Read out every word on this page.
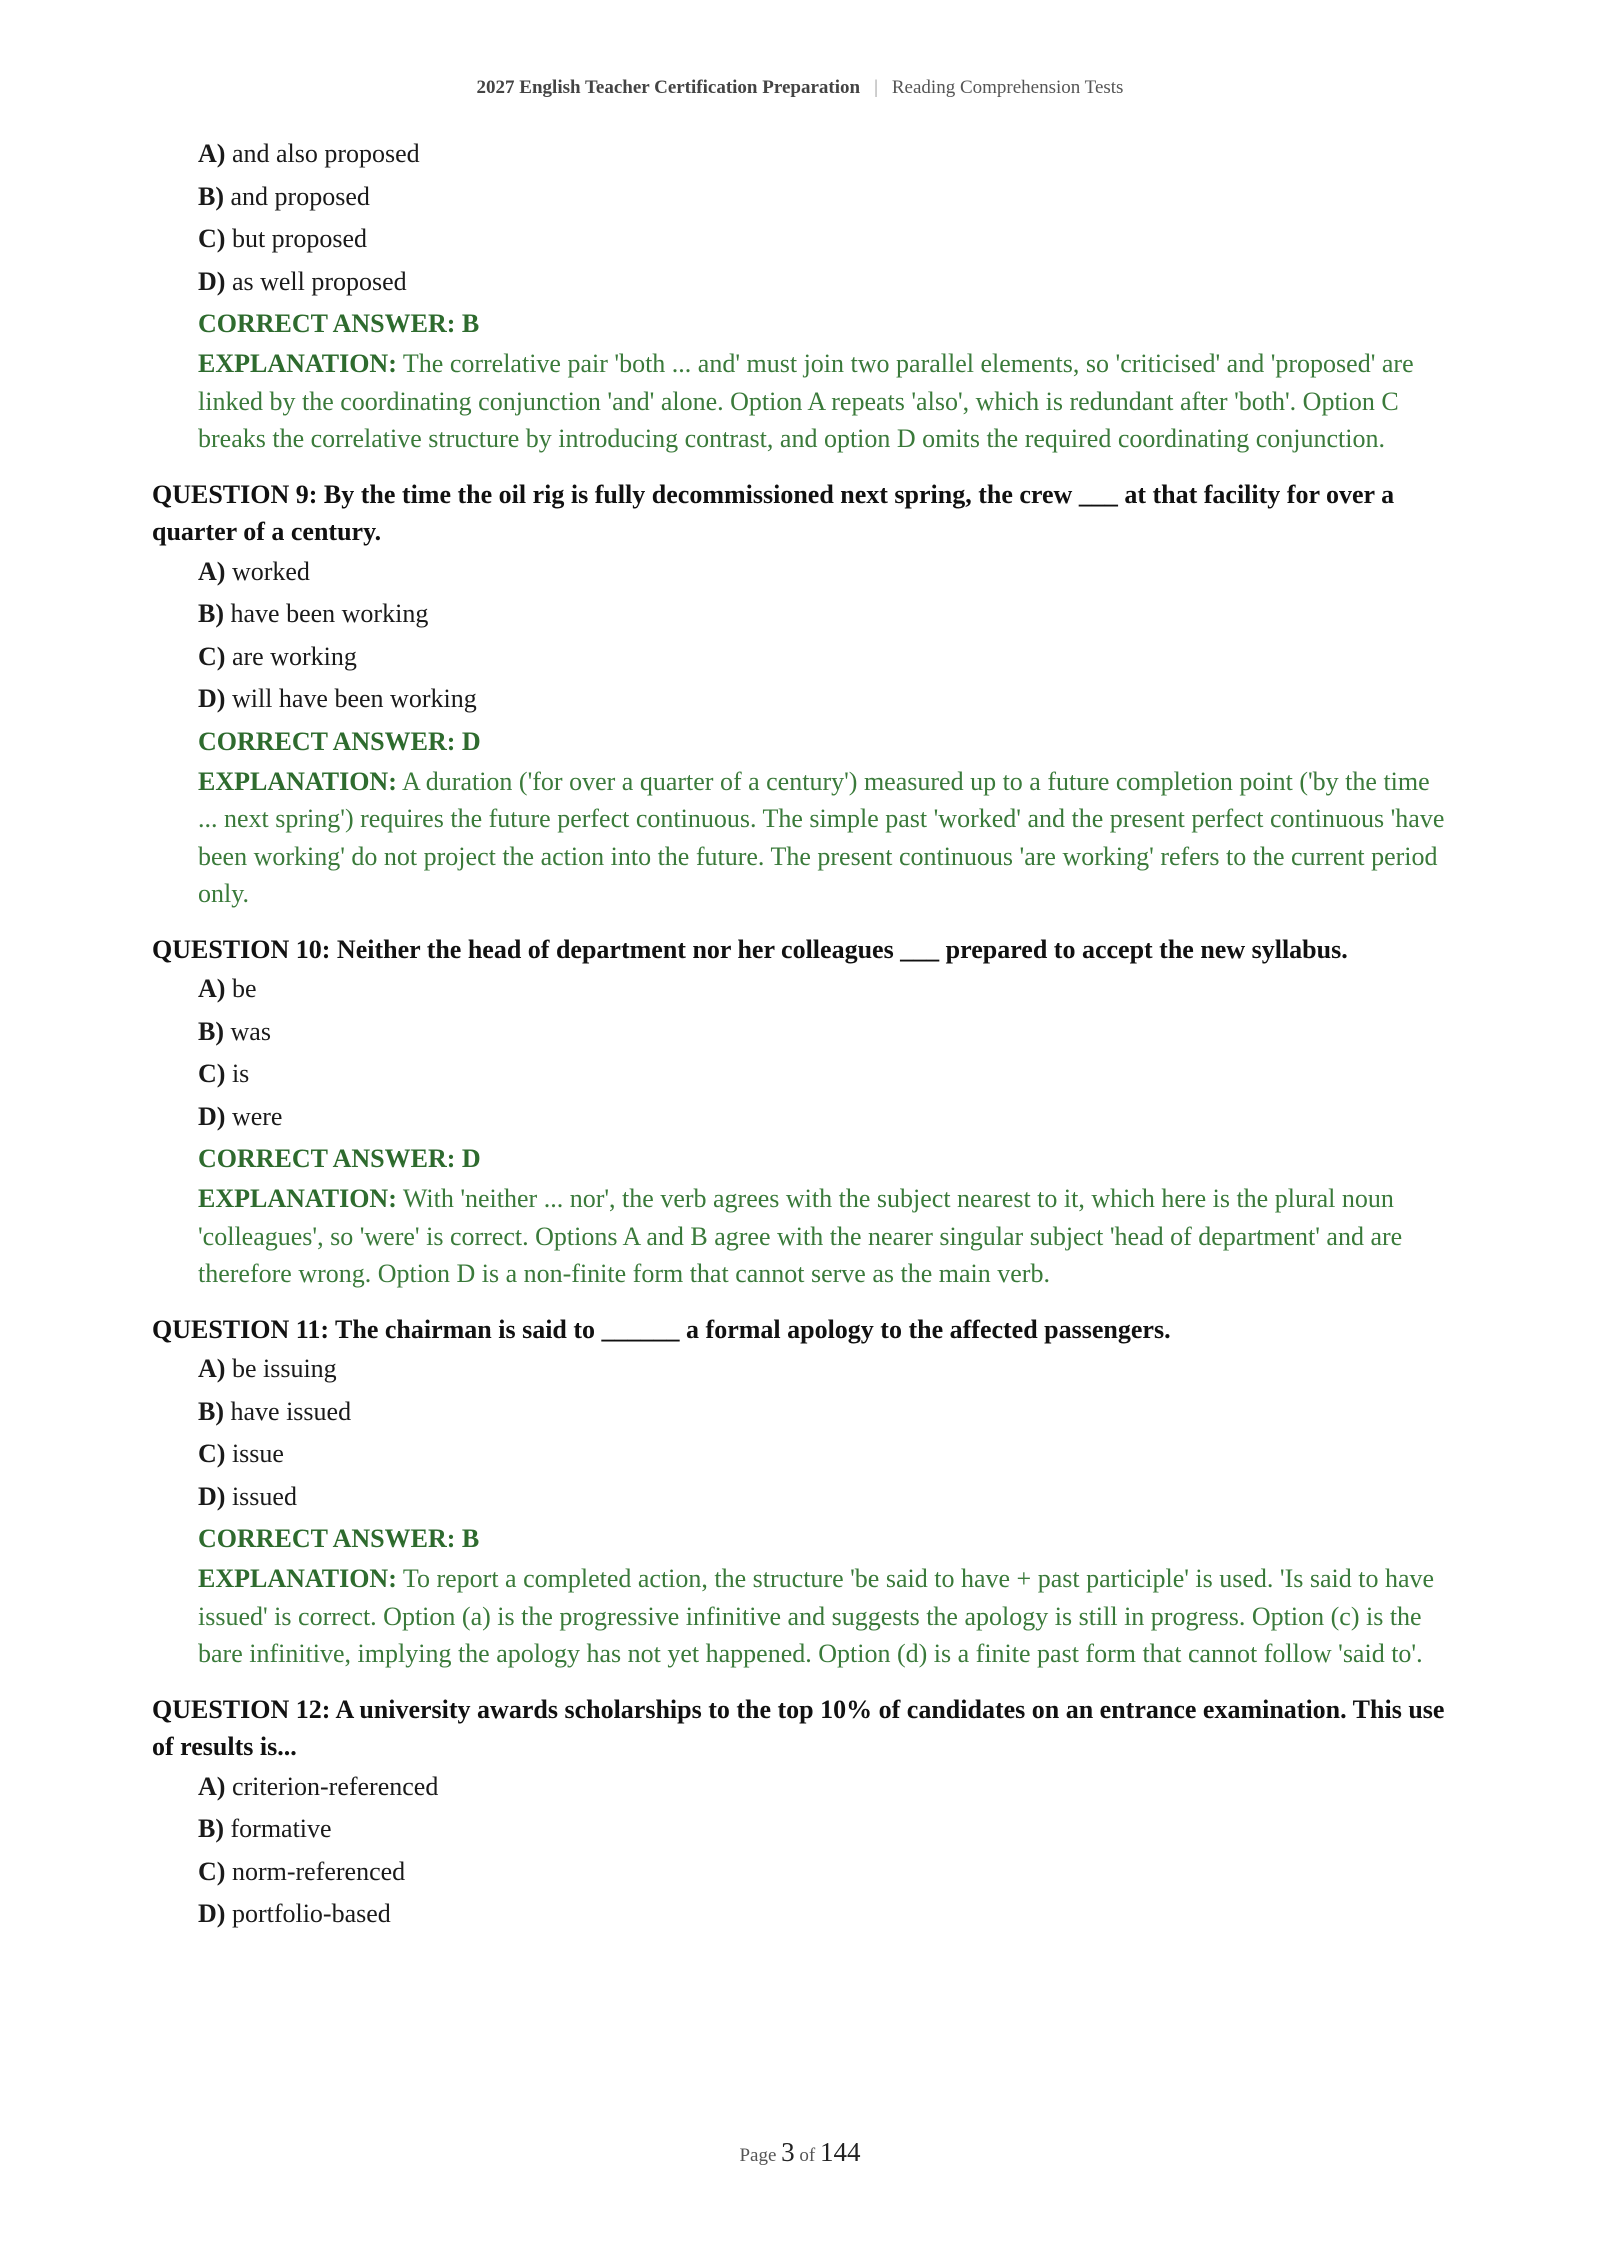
2027 English Teacher Certification Preparation | Reading Comprehension Tests
A) and also proposed
B) and proposed
C) but proposed
D) as well proposed
CORRECT ANSWER: B
EXPLANATION: The correlative pair 'both ... and' must join two parallel elements, so 'criticised' and 'proposed' are linked by the coordinating conjunction 'and' alone. Option A repeats 'also', which is redundant after 'both'. Option C breaks the correlative structure by introducing contrast, and option D omits the required coordinating conjunction.

QUESTION 9: By the time the oil rig is fully decommissioned next spring, the crew ___ at that facility for over a quarter of a century.

A) worked
B) have been working
C) are working
D) will have been working
CORRECT ANSWER: D
EXPLANATION: A duration ('for over a quarter of a century') measured up to a future completion point ('by the time ... next spring') requires the future perfect continuous. The simple past 'worked' and the present perfect continuous 'have been working' do not project the action into the future. The present continuous 'are working' refers to the current period only.

QUESTION 10: Neither the head of department nor her colleagues ___ prepared to accept the new syllabus.

A) be
B) was
C) is
D) were
CORRECT ANSWER: D
EXPLANATION: With 'neither ... nor', the verb agrees with the subject nearest to it, which here is the plural noun 'colleagues', so 'were' is correct. Options A and B agree with the nearer singular subject 'head of department' and are therefore wrong. Option D is a non-finite form that cannot serve as the main verb.

QUESTION 11: The chairman is said to ______ a formal apology to the affected passengers.

A) be issuing
B) have issued
C) issue
D) issued
CORRECT ANSWER: B
EXPLANATION: To report a completed action, the structure 'be said to have + past participle' is used. 'Is said to have issued' is correct. Option (a) is the progressive infinitive and suggests the apology is still in progress. Option (c) is the bare infinitive, implying the apology has not yet happened. Option (d) is a finite past form that cannot follow 'said to'.

QUESTION 12: A university awards scholarships to the top 10% of candidates on an entrance examination. This use of results is...

A) criterion-referenced
B) formative
C) norm-referenced
D) portfolio-based
Page 3 of 144
